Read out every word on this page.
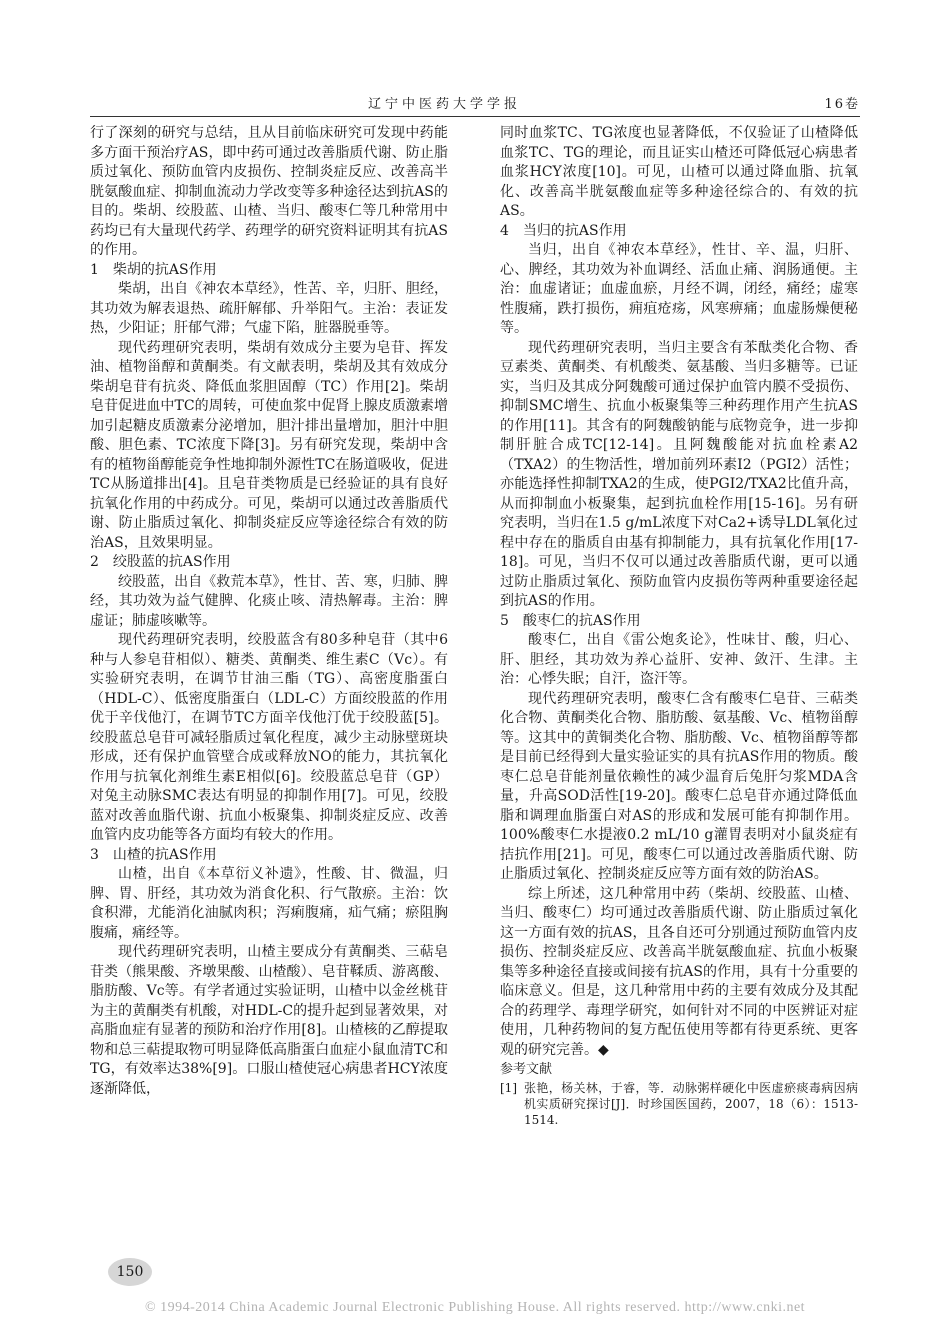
辽宁中医药大学学报	16卷

行了深刻的研究与总结，且从目前临床研究可发现中药能多方面干预治疗AS，即中药可通过改善脂质代谢、防止脂质过氧化、预防血管内皮损伤、控制炎症反应、改善高半胱氨酸血症、抑制血流动力学改变等多种途径达到抗AS的目的。柴胡、绞股蓝、山楂、当归、酸枣仁等几种常用中药均已有大量现代药学、药理学的研究资料证明其有抗AS的作用。

1　柴胡的抗AS作用

柴胡，出自《神农本草经》，性苦、辛，归肝、胆经，其功效为解表退热、疏肝解郁、升举阳气。主治：表证发热，少阳证；肝郁气滞；气虚下陷，脏器脱垂等。

现代药理研究表明，柴胡有效成分主要为皂苷、挥发油、植物甾醇和黄酮类。有文献表明，柴胡及其有效成分柴胡皂苷有抗炎、降低血浆胆固醇（TC）作用[2]。柴胡皂苷促进血中TC的周转，可使血浆中促肾上腺皮质激素增加引起糖皮质激素分泌增加，胆汁排出量增加，胆汁中胆酸、胆色素、TC浓度下降[3]。另有研究发现，柴胡中含有的植物甾醇能竞争性地抑制外源性TC在肠道吸收，促进TC从肠道排出[4]。且皂苷类物质是已经验证的具有良好抗氧化作用的中药成分。可见，柴胡可以通过改善脂质代谢、防止脂质过氧化、抑制炎症反应等途径综合有效的防治AS，且效果明显。

2　绞股蓝的抗AS作用

绞股蓝，出自《救荒本草》，性甘、苦、寒，归肺、脾经，其功效为益气健脾、化痰止咳、清热解毒。主治：脾虚证；肺虚咳嗽等。

现代药理研究表明，绞股蓝含有80多种皂苷（其中6种与人参皂苷相似）、糖类、黄酮类、维生素C（Vc）。有实验研究表明，在调节甘油三酯（TG）、高密度脂蛋白（HDL-C）、低密度脂蛋白（LDL-C）方面绞股蓝的作用优于辛伐他汀，在调节TC方面辛伐他汀优于绞股蓝[5]。绞股蓝总皂苷可减轻脂质过氧化程度，减少主动脉壁斑块形成，还有保护血管壁合成或释放NO的能力，其抗氧化作用与抗氧化剂维生素E相似[6]。绞股蓝总皂苷（GP）对兔主动脉SMC表达有明显的抑制作用[7]。可见，绞股蓝对改善血脂代谢、抗血小板聚集、抑制炎症反应、改善血管内皮功能等各方面均有较大的作用。

3　山楂的抗AS作用

山楂，出自《本草衍义补遗》，性酸、甘、微温，归脾、胃、肝经，其功效为消食化积、行气散瘀。主治：饮食积滞，尤能消化油腻肉积；泻痢腹痛，疝气痛；瘀阻胸腹痛，痛经等。

现代药理研究表明，山楂主要成分有黄酮类、三萜皂苷类（熊果酸、齐墩果酸、山楂酸）、皂苷鞣质、游离酸、脂肪酸、Vc等。有学者通过实验证明，山楂中以金丝桃苷为主的黄酮类有机酸，对HDL-C的提升起到显著效果，对高脂血症有显著的预防和治疗作用[8]。山楂核的乙醇提取物和总三萜提取物可明显降低高脂蛋白血症小鼠血清TC和TG，有效率达38%[9]。口服山楂使冠心病患者HCY浓度逐渐降低，

同时血浆TC、TG浓度也显著降低，不仅验证了山楂降低血浆TC、TG的理论，而且证实山楂还可降低冠心病患者血浆HCY浓度[10]。可见，山楂可以通过降血脂、抗氧化、改善高半胱氨酸血症等多种途径综合的、有效的抗AS。

4　当归的抗AS作用

当归，出自《神农本草经》，性甘、辛、温，归肝、心、脾经，其功效为补血调经、活血止痛、润肠通便。主治：血虚诸证；血虚血瘀，月经不调，闭经，痛经；虚寒性腹痛，跌打损伤，痈疽疮疡，风寒痹痛；血虚肠燥便秘等。

现代药理研究表明，当归主要含有苯酞类化合物、香豆素类、黄酮类、有机酸类、氨基酸、当归多糖等。已证实，当归及其成分阿魏酸可通过保护血管内膜不受损伤、抑制SMC增生、抗血小板聚集等三种药理作用产生抗AS的作用[11]。其含有的阿魏酸钠能与底物竞争，进一步抑制肝脏合成TC[12-14]。且阿魏酸能对抗血栓素A2（TXA2）的生物活性，增加前列环素I2（PGI2）活性；亦能选择性抑制TXA2的生成，使PGI2/TXA2比值升高，从而抑制血小板聚集，起到抗血栓作用[15-16]。另有研究表明，当归在1.5 g/mL浓度下对Ca2+诱导LDL氧化过程中存在的脂质自由基有抑制能力，具有抗氧化作用[17-18]。可见，当归不仅可以通过改善脂质代谢，更可以通过防止脂质过氧化、预防血管内皮损伤等两种重要途径起到抗AS的作用。

5　酸枣仁的抗AS作用

酸枣仁，出自《雷公炮炙论》，性味甘、酸，归心、肝、胆经，其功效为养心益肝、安神、敛汗、生津。主治：心悸失眠；自汗，盗汗等。

现代药理研究表明，酸枣仁含有酸枣仁皂苷、三萜类化合物、黄酮类化合物、脂肪酸、氨基酸、Vc、植物甾醇等。这其中的黄铜类化合物、脂肪酸、Vc、植物甾醇等都是目前已经得到大量实验证实的具有抗AS作用的物质。酸枣仁总皂苷能剂量依赖性的减少温育后兔肝匀浆MDA含量，升高SOD活性[19-20]。酸枣仁总皂苷亦通过降低血脂和调理血脂蛋白对AS的形成和发展可能有抑制作用。100%酸枣仁水提液0.2 mL/10 g灌胃表明对小鼠炎症有拮抗作用[21]。可见，酸枣仁可以通过改善脂质代谢、防止脂质过氧化、控制炎症反应等方面有效的防治AS。

综上所述，这几种常用中药（柴胡、绞股蓝、山楂、当归、酸枣仁）均可通过改善脂质代谢、防止脂质过氧化这一方面有效的抗AS，且各自还可分别通过预防血管内皮损伤、控制炎症反应、改善高半胱氨酸血症、抗血小板聚集等多种途径直接或间接有抗AS的作用，具有十分重要的临床意义。但是，这几种常用中药的主要有效成分及其配合的药理学、毒理学研究，如何针对不同的中医辨证对症使用，几种药物间的复方配伍使用等都有待更系统、更客观的研究完善。◆

参考文献

[1] 张艳，杨关林，于睿，等．动脉粥样硬化中医虚瘀痰毒病因病机实质研究探讨[J]．时珍国医国药，2007，18（6）：1513-1514.
150
© 1994-2014 China Academic Journal Electronic Publishing House. All rights reserved. http://www.cnki.net
